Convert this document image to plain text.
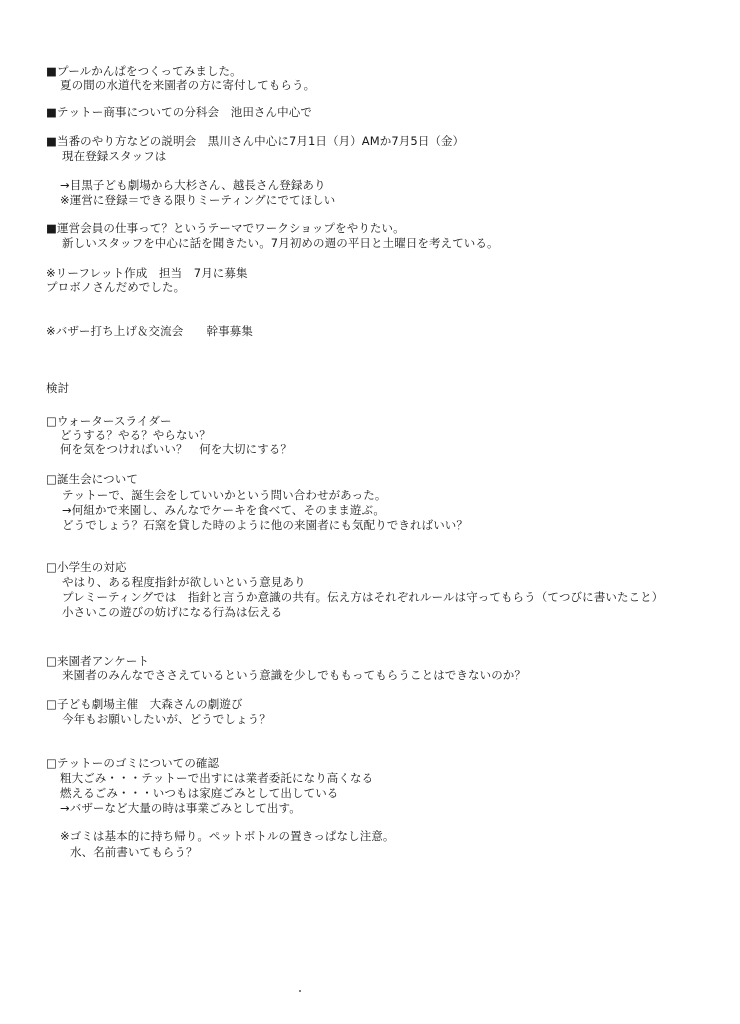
■プールかんぱをつくってみました。
夏の間の水道代を来園者の方に寄付してもらう。
■テットー商事についての分科会　池田さん中心で
■当番のやり方などの説明会　黒川さん中心に7月1日（月）AMか7月5日（金）
現在登録スタッフは
→目黒子ども劇場から大杉さん、越長さん登録あり
※運営に登録＝できる限りミーティングにでてほしい
■運営会員の仕事って？というテーマでワークショップをやりたい。
新しいスタッフを中心に話を聞きたい。7月初めの週の平日と土曜日を考えている。
※リーフレット作成　担当　7月に募集
プロボノさんだめでした。
※バザー打ち上げ＆交流会　　幹事募集
検討
□ウォータースライダー
どうする？やる？やらない？
何を気をつければいい？　何を大切にする？
□誕生会について
テットーで、誕生会をしていいかという問い合わせがあった。
→何組かで来園し、みんなでケーキを食べて、そのまま遊ぶ。
どうでしょう？石窯を貸した時のように他の来園者にも気配りできればいい？
□小学生の対応
やはり、ある程度指針が欲しいという意見あり
プレミーティングでは　指針と言うか意識の共有。伝え方はそれぞれルールは守ってもらう（てつびに書いたこと）
小さいこの遊びの妨げになる行為は伝える
□来園者アンケート
来園者のみんなでささえているという意識を少しでももってもらうことはできないのか？
□子ども劇場主催　大森さんの劇遊び
今年もお願いしたいが、どうでしょう？
□テットーのゴミについての確認
粗大ごみ・・・テットーで出すには業者委託になり高くなる
燃えるごみ・・・いつもは家庭ごみとして出している
→バザーなど大量の時は事業ごみとして出す。
※ゴミは基本的に持ち帰り。ペットボトルの置きっぱなし注意。
水、名前書いてもらう？
